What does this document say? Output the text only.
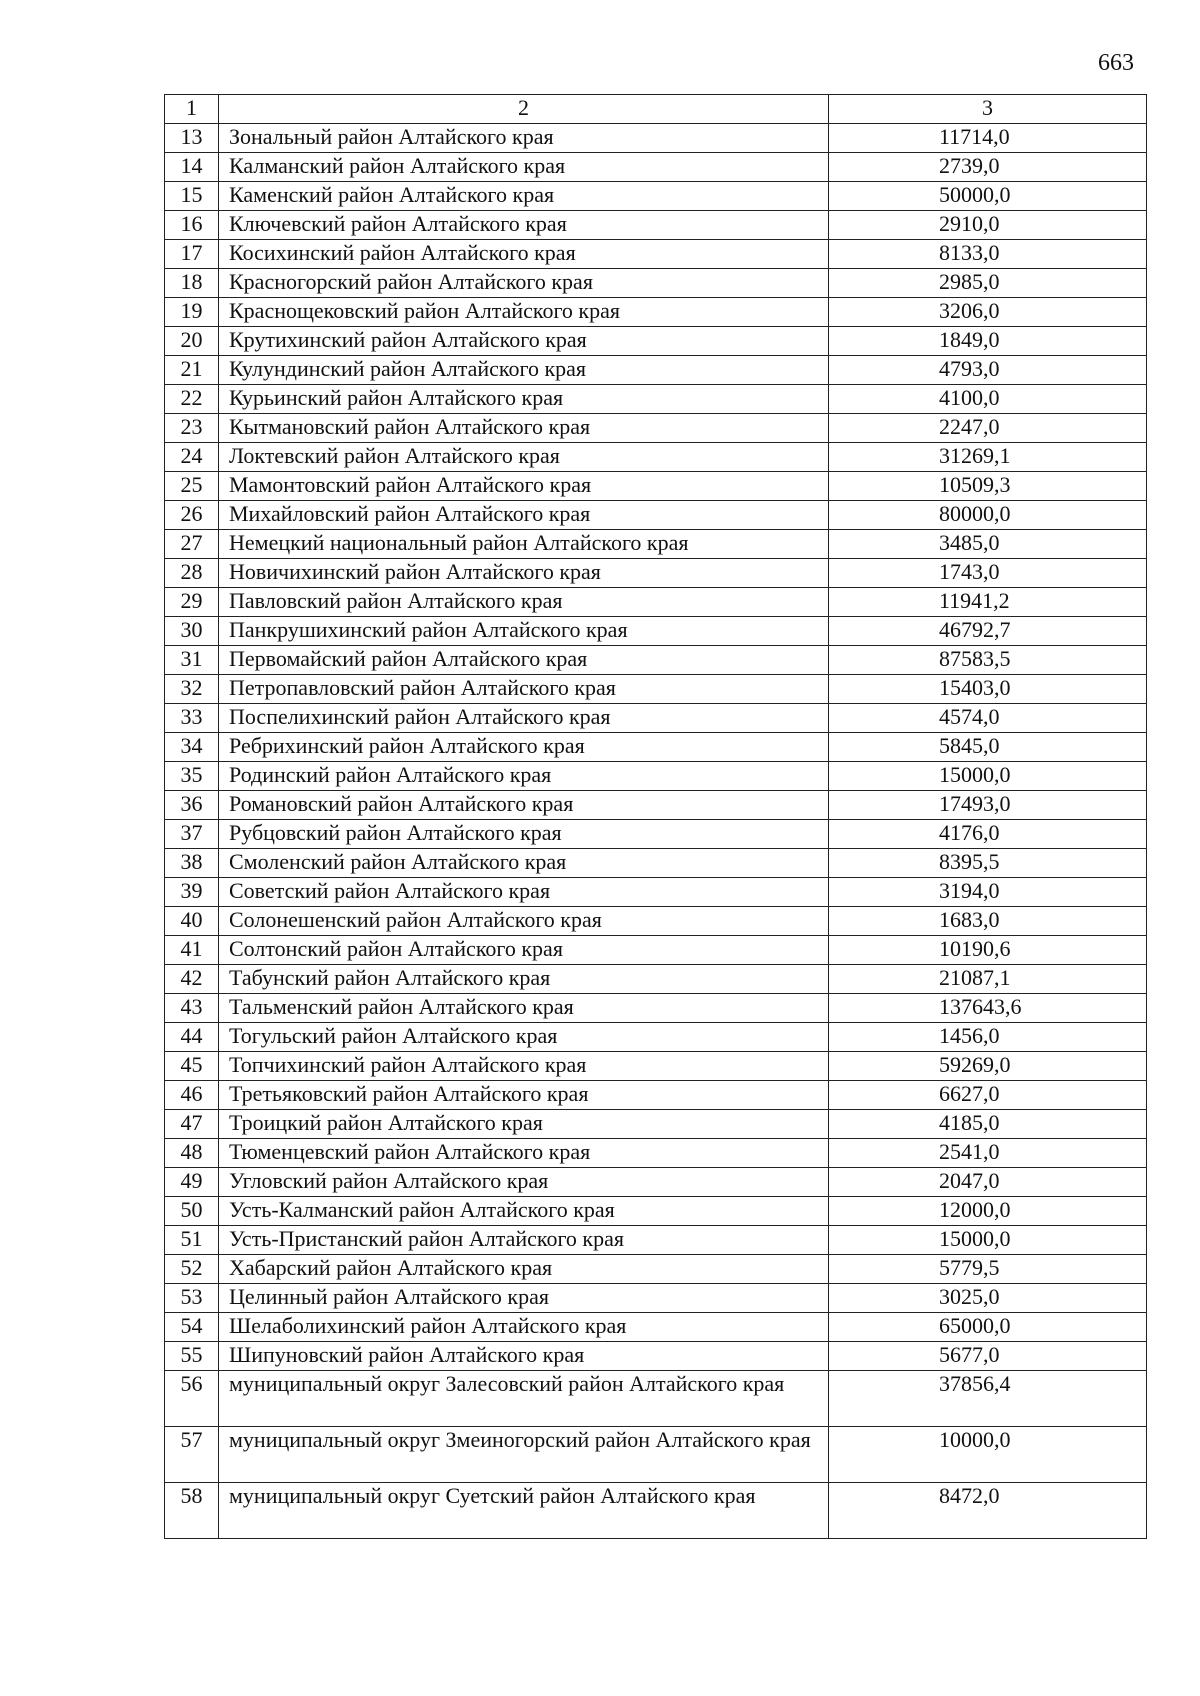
663
1	2	3
13	Зональный район Алтайского края	11714,0
14	Калманский район Алтайского края	2739,0
15	Каменский район Алтайского края	50000,0
16	Ключевский район Алтайского края	2910,0
17	Косихинский район Алтайского края	8133,0
18	Красногорский район Алтайского края	2985,0
19	Краснощековский район Алтайского края	3206,0
20	Крутихинский район Алтайского края	1849,0
21	Кулундинский район Алтайского края	4793,0
22	Курьинский район Алтайского края	4100,0
23	Кытмановский район Алтайского края	2247,0
24	Локтевский район Алтайского края	31269,1
25	Мамонтовский район Алтайского края	10509,3
26	Михайловский район Алтайского края	80000,0
27	Немецкий национальный район Алтайского края	3485,0
28	Новичихинский район Алтайского края	1743,0
29	Павловский район Алтайского края	11941,2
30	Панкрушихинский район Алтайского края	46792,7
31	Первомайский район Алтайского края	87583,5
32	Петропавловский район Алтайского края	15403,0
33	Поспелихинский район Алтайского края	4574,0
34	Ребрихинский район Алтайского края	5845,0
35	Родинский район Алтайского края	15000,0
36	Романовский район Алтайского края	17493,0
37	Рубцовский район Алтайского края	4176,0
38	Смоленский район Алтайского края	8395,5
39	Советский район Алтайского края	3194,0
40	Солонешенский район Алтайского края	1683,0
41	Солтонский район Алтайского края	10190,6
42	Табунский район Алтайского края	21087,1
43	Тальменский район Алтайского края	137643,6
44	Тогульский район Алтайского края	1456,0
45	Топчихинский район Алтайского края	59269,0
46	Третьяковский район Алтайского края	6627,0
47	Троицкий район Алтайского края	4185,0
48	Тюменцевский район Алтайского края	2541,0
49	Угловский район Алтайского края	2047,0
50	Усть-Калманский район Алтайского края	12000,0
51	Усть-Пристанский район Алтайского края	15000,0
52	Хабарский район Алтайского края	5779,5
53	Целинный район Алтайского края	3025,0
54	Шелаболихинский район Алтайского края	65000,0
55	Шипуновский район Алтайского края	5677,0
56	муниципальный округ Залесовский район Алтайского края	37856,4
57	муниципальный округ Змеиногорский район Алтайского края	10000,0
58	муниципальный округ Суетский район Алтайского края	8472,0
